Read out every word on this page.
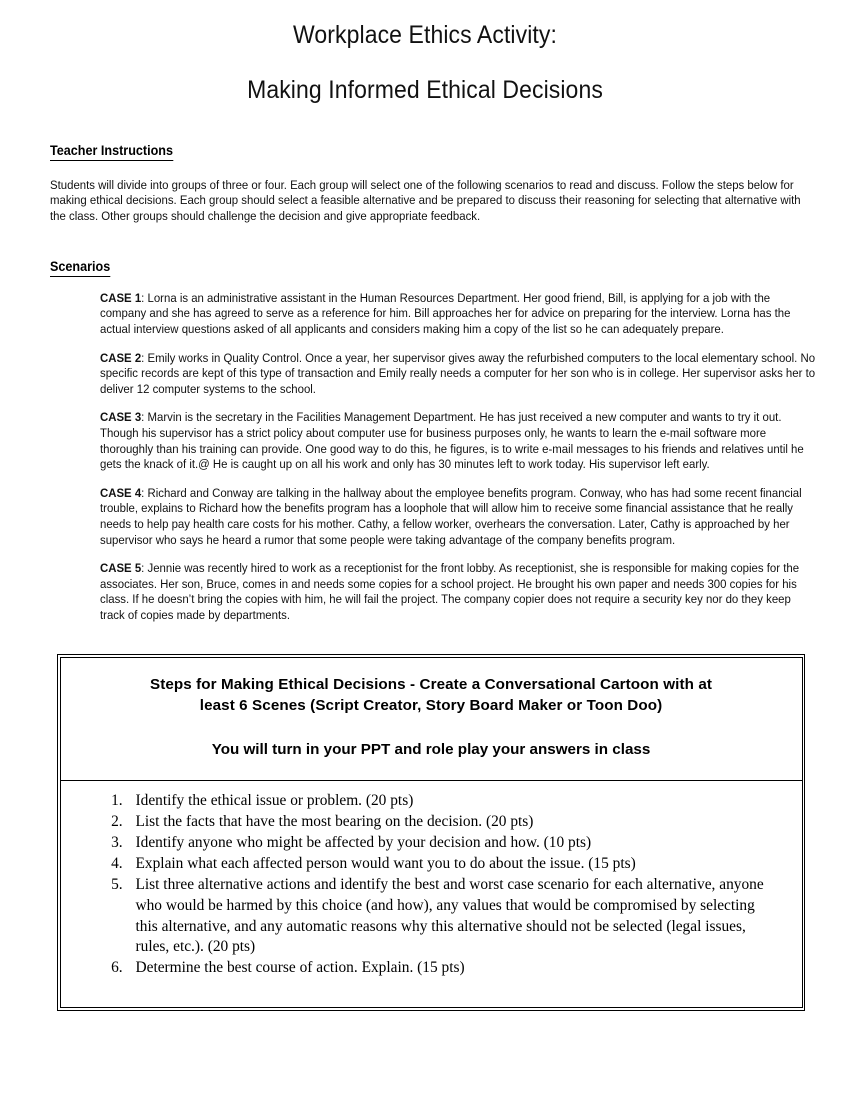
Workplace Ethics Activity:
Making Informed Ethical Decisions
Teacher Instructions
Students will divide into groups of three or four. Each group will select one of the following scenarios to read and discuss. Follow the steps below for making ethical decisions. Each group should select a feasible alternative and be prepared to discuss their reasoning for selecting that alternative with the class. Other groups should challenge the decision and give appropriate feedback.
Scenarios
CASE 1: Lorna is an administrative assistant in the Human Resources Department. Her good friend, Bill, is applying for a job with the company and she has agreed to serve as a reference for him. Bill approaches her for advice on preparing for the interview. Lorna has the actual interview questions asked of all applicants and considers making him a copy of the list so he can adequately prepare.
CASE 2: Emily works in Quality Control. Once a year, her supervisor gives away the refurbished computers to the local elementary school. No specific records are kept of this type of transaction and Emily really needs a computer for her son who is in college. Her supervisor asks her to deliver 12 computer systems to the school.
CASE 3: Marvin is the secretary in the Facilities Management Department. He has just received a new computer and wants to try it out. Though his supervisor has a strict policy about computer use for business purposes only, he wants to learn the e-mail software more thoroughly than his training can provide. One good way to do this, he figures, is to write e-mail messages to his friends and relatives until he gets the knack of it.@ He is caught up on all his work and only has 30 minutes left to work today. His supervisor left early.
CASE 4: Richard and Conway are talking in the hallway about the employee benefits program. Conway, who has had some recent financial trouble, explains to Richard how the benefits program has a loophole that will allow him to receive some financial assistance that he really needs to help pay health care costs for his mother. Cathy, a fellow worker, overhears the conversation. Later, Cathy is approached by her supervisor who says he heard a rumor that some people were taking advantage of the company benefits program.
CASE 5: Jennie was recently hired to work as a receptionist for the front lobby. As receptionist, she is responsible for making copies for the associates. Her son, Bruce, comes in and needs some copies for a school project. He brought his own paper and needs 300 copies for his class. If he doesn’t bring the copies with him, he will fail the project. The company copier does not require a security key nor do they keep track of copies made by departments.
Steps for Making Ethical Decisions - Create a Conversational Cartoon with at
least 6 Scenes (Script Creator, Story Board Maker or Toon Doo)
You will turn in your PPT and role play your answers in class
1. Identify the ethical issue or problem. (20 pts)
2. List the facts that have the most bearing on the decision. (20 pts)
3. Identify anyone who might be affected by your decision and how. (10 pts)
4. Explain what each affected person would want you to do about the issue. (15 pts)
5. List three alternative actions and identify the best and worst case scenario for each alternative, anyone who would be harmed by this choice (and how), any values that would be compromised by selecting this alternative, and any automatic reasons why this alternative should not be selected (legal issues, rules, etc.). (20 pts)
6. Determine the best course of action. Explain. (15 pts)
